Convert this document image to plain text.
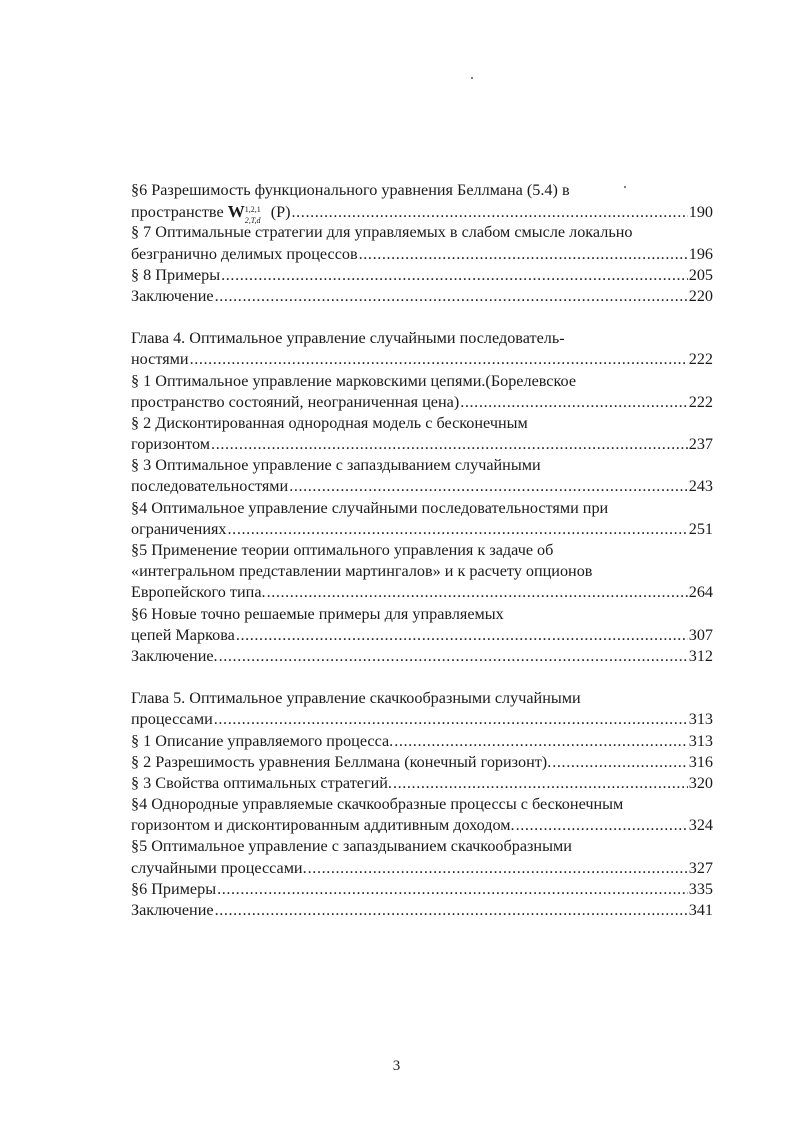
§6 Разрешимость функционального уравнения Беллмана (5.4) в
пространстве W 1,2,1
2,T,d (P) .....	190
§ 7 Оптимальные стратегии для управляемых в слабом смысле локально
безгранично делимых процессов .....	196
§ 8 Примеры .....	205
Заключение .....	220
Глава 4. Оптимальное управление случайными последователь-
ностями .....	222
§ 1 Оптимальное управление марковскими цепями.(Борелевское
пространство состояний, неограниченная цена) .....	222
§ 2 Дисконтированная однородная модель с бесконечным
горизонтом .....	237
§ 3 Оптимальное управление с запаздыванием случайными
последовательностями .....	243
§4 Оптимальное управление случайными последовательностями при
ограничениях .....	251
§5 Применение теории оптимального управления к задаче об
«интегральном представлении мартингалов» и к расчету опционов
Европейского типа. .....	264
§6 Новые точно решаемые примеры для управляемых
цепей Маркова .....	307
Заключение. .....	312
Глава 5. Оптимальное управление скачкообразными случайными
процессами .....	313
§ 1 Описание управляемого процесса. .....	313
§ 2 Разрешимость уравнения Беллмана (конечный горизонт). .....	316
§ 3 Свойства оптимальных стратегий. .....	320
§4 Однородные управляемые скачкообразные процессы с бесконечным
горизонтом и дисконтированным аддитивным доходом. .....	324
§5 Оптимальное управление с запаздыванием скачкообразными
случайными процессами. .....	327
§6 Примеры .....	335
Заключение .....	341
3
